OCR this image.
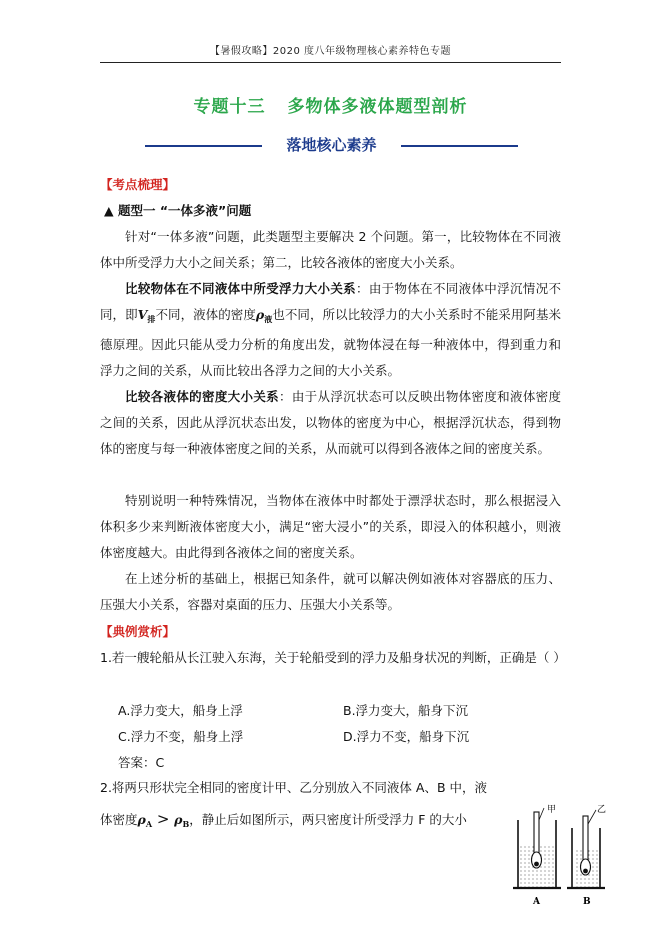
【暑假攻略】2020 度八年级物理核心素养特色专题
专题十三 多物体多液体题型剖析
落地核心素养
【考点梳理】
▲ 题型一 “一体多液”问题
针对“一体多液”问题，此类题型主要解决 2 个问题。第一，比较物体在不同液体中所受浮力大小之间关系；第二，比较各液体的密度大小关系。
比较物体在不同液体中所受浮力大小关系：由于物体在不同液体中浮沉情况不同，即$V_排$不同，液体的密度$\rho_液$也不同，所以比较浮力的大小关系时不能采用阿基米德原理。因此只能从受力分析的角度出发，就物体浸在每一种液体中，得到重力和浮力之间的关系，从而比较出各浮力之间的大小关系。
比较各液体的密度大小关系：由于从浮沉状态可以反映出物体密度和液体密度之间的关系，因此从浮沉状态出发，以物体的密度为中心，根据浮沉状态，得到物体的密度与每一种液体密度之间的关系，从而就可以得到各液体之间的密度关系。
特别说明一种特殊情况，当物体在液体中时都处于漂浮状态时，那么根据浸入体积多少来判断液体密度大小，满足“密大浸小”的关系，即浸入的体积越小，则液体密度越大。由此得到各液体之间的密度关系。
在上述分析的基础上，根据已知条件，就可以解决例如液体对容器底的压力、压强大小关系，容器对桌面的压力、压强大小关系等。
【典例赏析】
1.若一艘轮船从长江驶入东海，关于轮船受到的浮力及船身状况的判断，正确是（ ）
A.浮力变大，船身上浮	B.浮力变大，船身下沉
C.浮力不变，船身上浮	D.浮力不变，船身下沉
答案：C
2.将两只形状完全相同的密度计甲、乙分别放入不同液体 A、B 中，液
体密度$\rho_A > \rho_B$，静止后如图所示，两只密度计所受浮力 F 的大小
甲	乙
A	B
